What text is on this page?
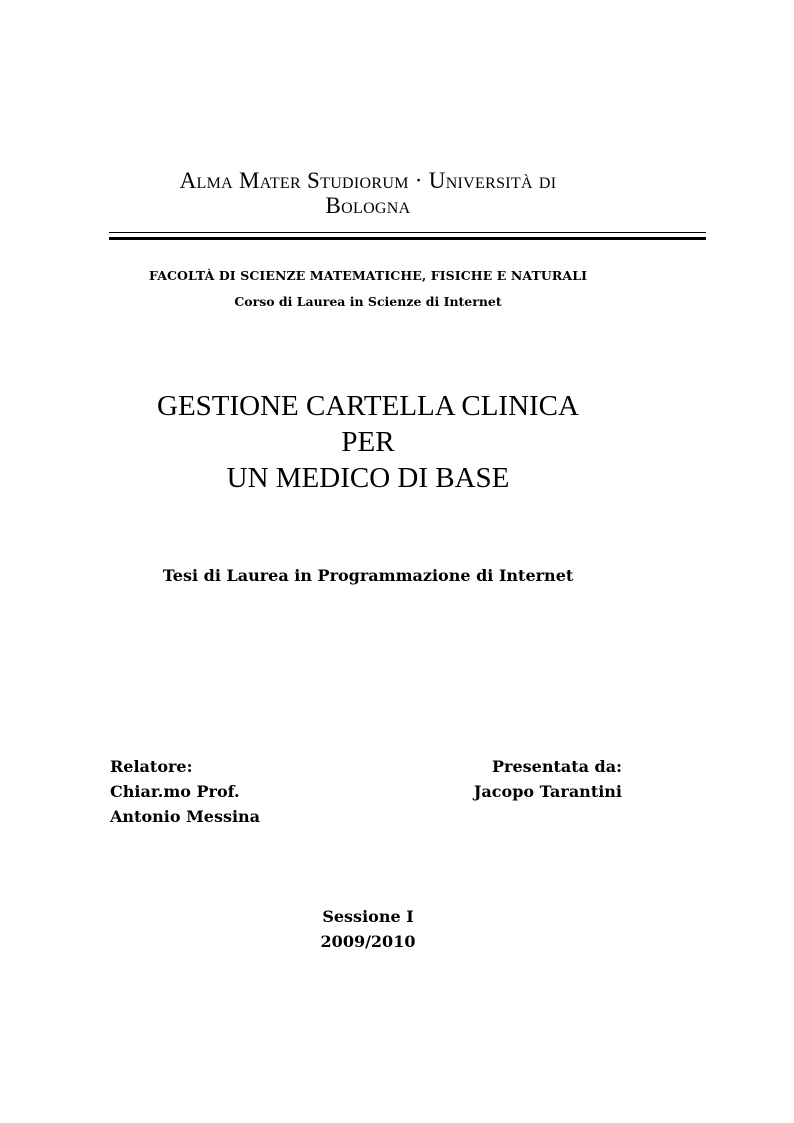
Alma Mater Studiorum · Università di
Bologna
FACOLTÀ DI SCIENZE MATEMATICHE, FISICHE E NATURALI
Corso di Laurea in Scienze di Internet
GESTIONE CARTELLA CLINICA
PER
UN MEDICO DI BASE
Tesi di Laurea in Programmazione di Internet
Relatore:
Chiar.mo Prof.
Antonio Messina
Presentata da:
Jacopo Tarantini
Sessione I
2009/2010
